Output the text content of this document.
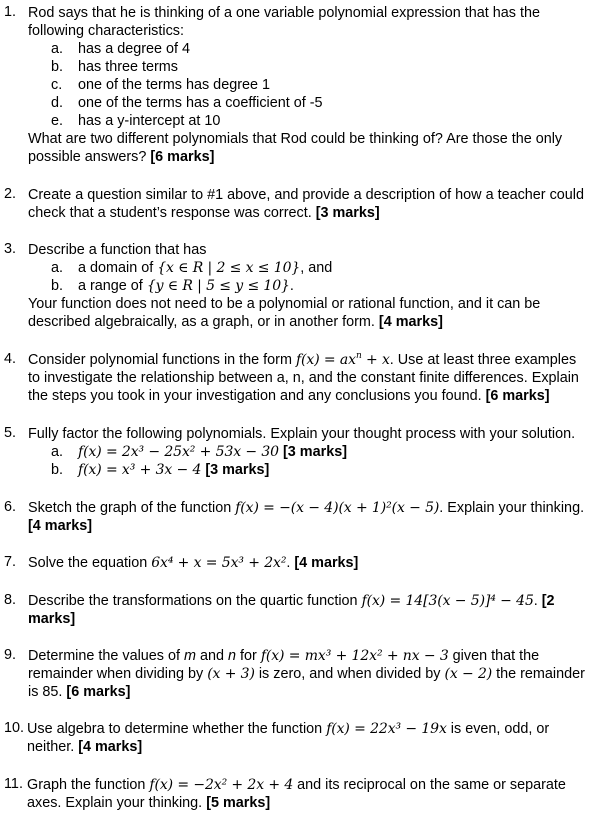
1. Rod says that he is thinking of a one variable polynomial expression that has the
following characteristics:
a. has a degree of 4
b. has three terms
c. one of the terms has degree 1
d. one of the terms has a coefficient of -5
e. has a y-intercept at 10
What are two different polynomials that Rod could be thinking of? Are those the only
possible answers? [6 marks]
2. Create a question similar to #1 above, and provide a description of how a teacher could
check that a student’s response was correct. [3 marks]
3. Describe a function that has
a. a domain of {x ∈ R | 2 ≤ x ≤ 10}, and
b. a range of {y ∈ R | 5 ≤ y ≤ 10}.
Your function does not need to be a polynomial or rational function, and it can be
described algebraically, as a graph, or in another form. [4 marks]
4. Consider polynomial functions in the form $f(x) = ax^n + x$. Use at least three examples
to investigate the relationship between a, n, and the constant finite differences. Explain
the steps you took in your investigation and any conclusions you found. [6 marks]
5. Fully factor the following polynomials. Explain your thought process with your solution.
a. f(x) = 2x³ − 25x² + 53x − 30 [3 marks]
b. f(x) = x³ + 3x − 4 [3 marks]
6. Sketch the graph of the function f(x) = −(x − 4)(x + 1)²(x − 5). Explain your thinking.
[4 marks]
7. Solve the equation 6x⁴ + x = 5x³ + 2x². [4 marks]
8. Describe the transformations on the quartic function f(x) = 14[3(x − 5)]⁴ − 45. [2
marks]
9. Determine the values of m and n for f(x) = mx³ + 12x² + nx − 3 given that the
remainder when dividing by (x + 3) is zero, and when divided by (x − 2) the remainder
is 85. [6 marks]
10. Use algebra to determine whether the function f(x) = 22x³ − 19x is even, odd, or
neither. [4 marks]
11. Graph the function f(x) = −2x² + 2x + 4 and its reciprocal on the same or separate
axes. Explain your thinking. [5 marks]
